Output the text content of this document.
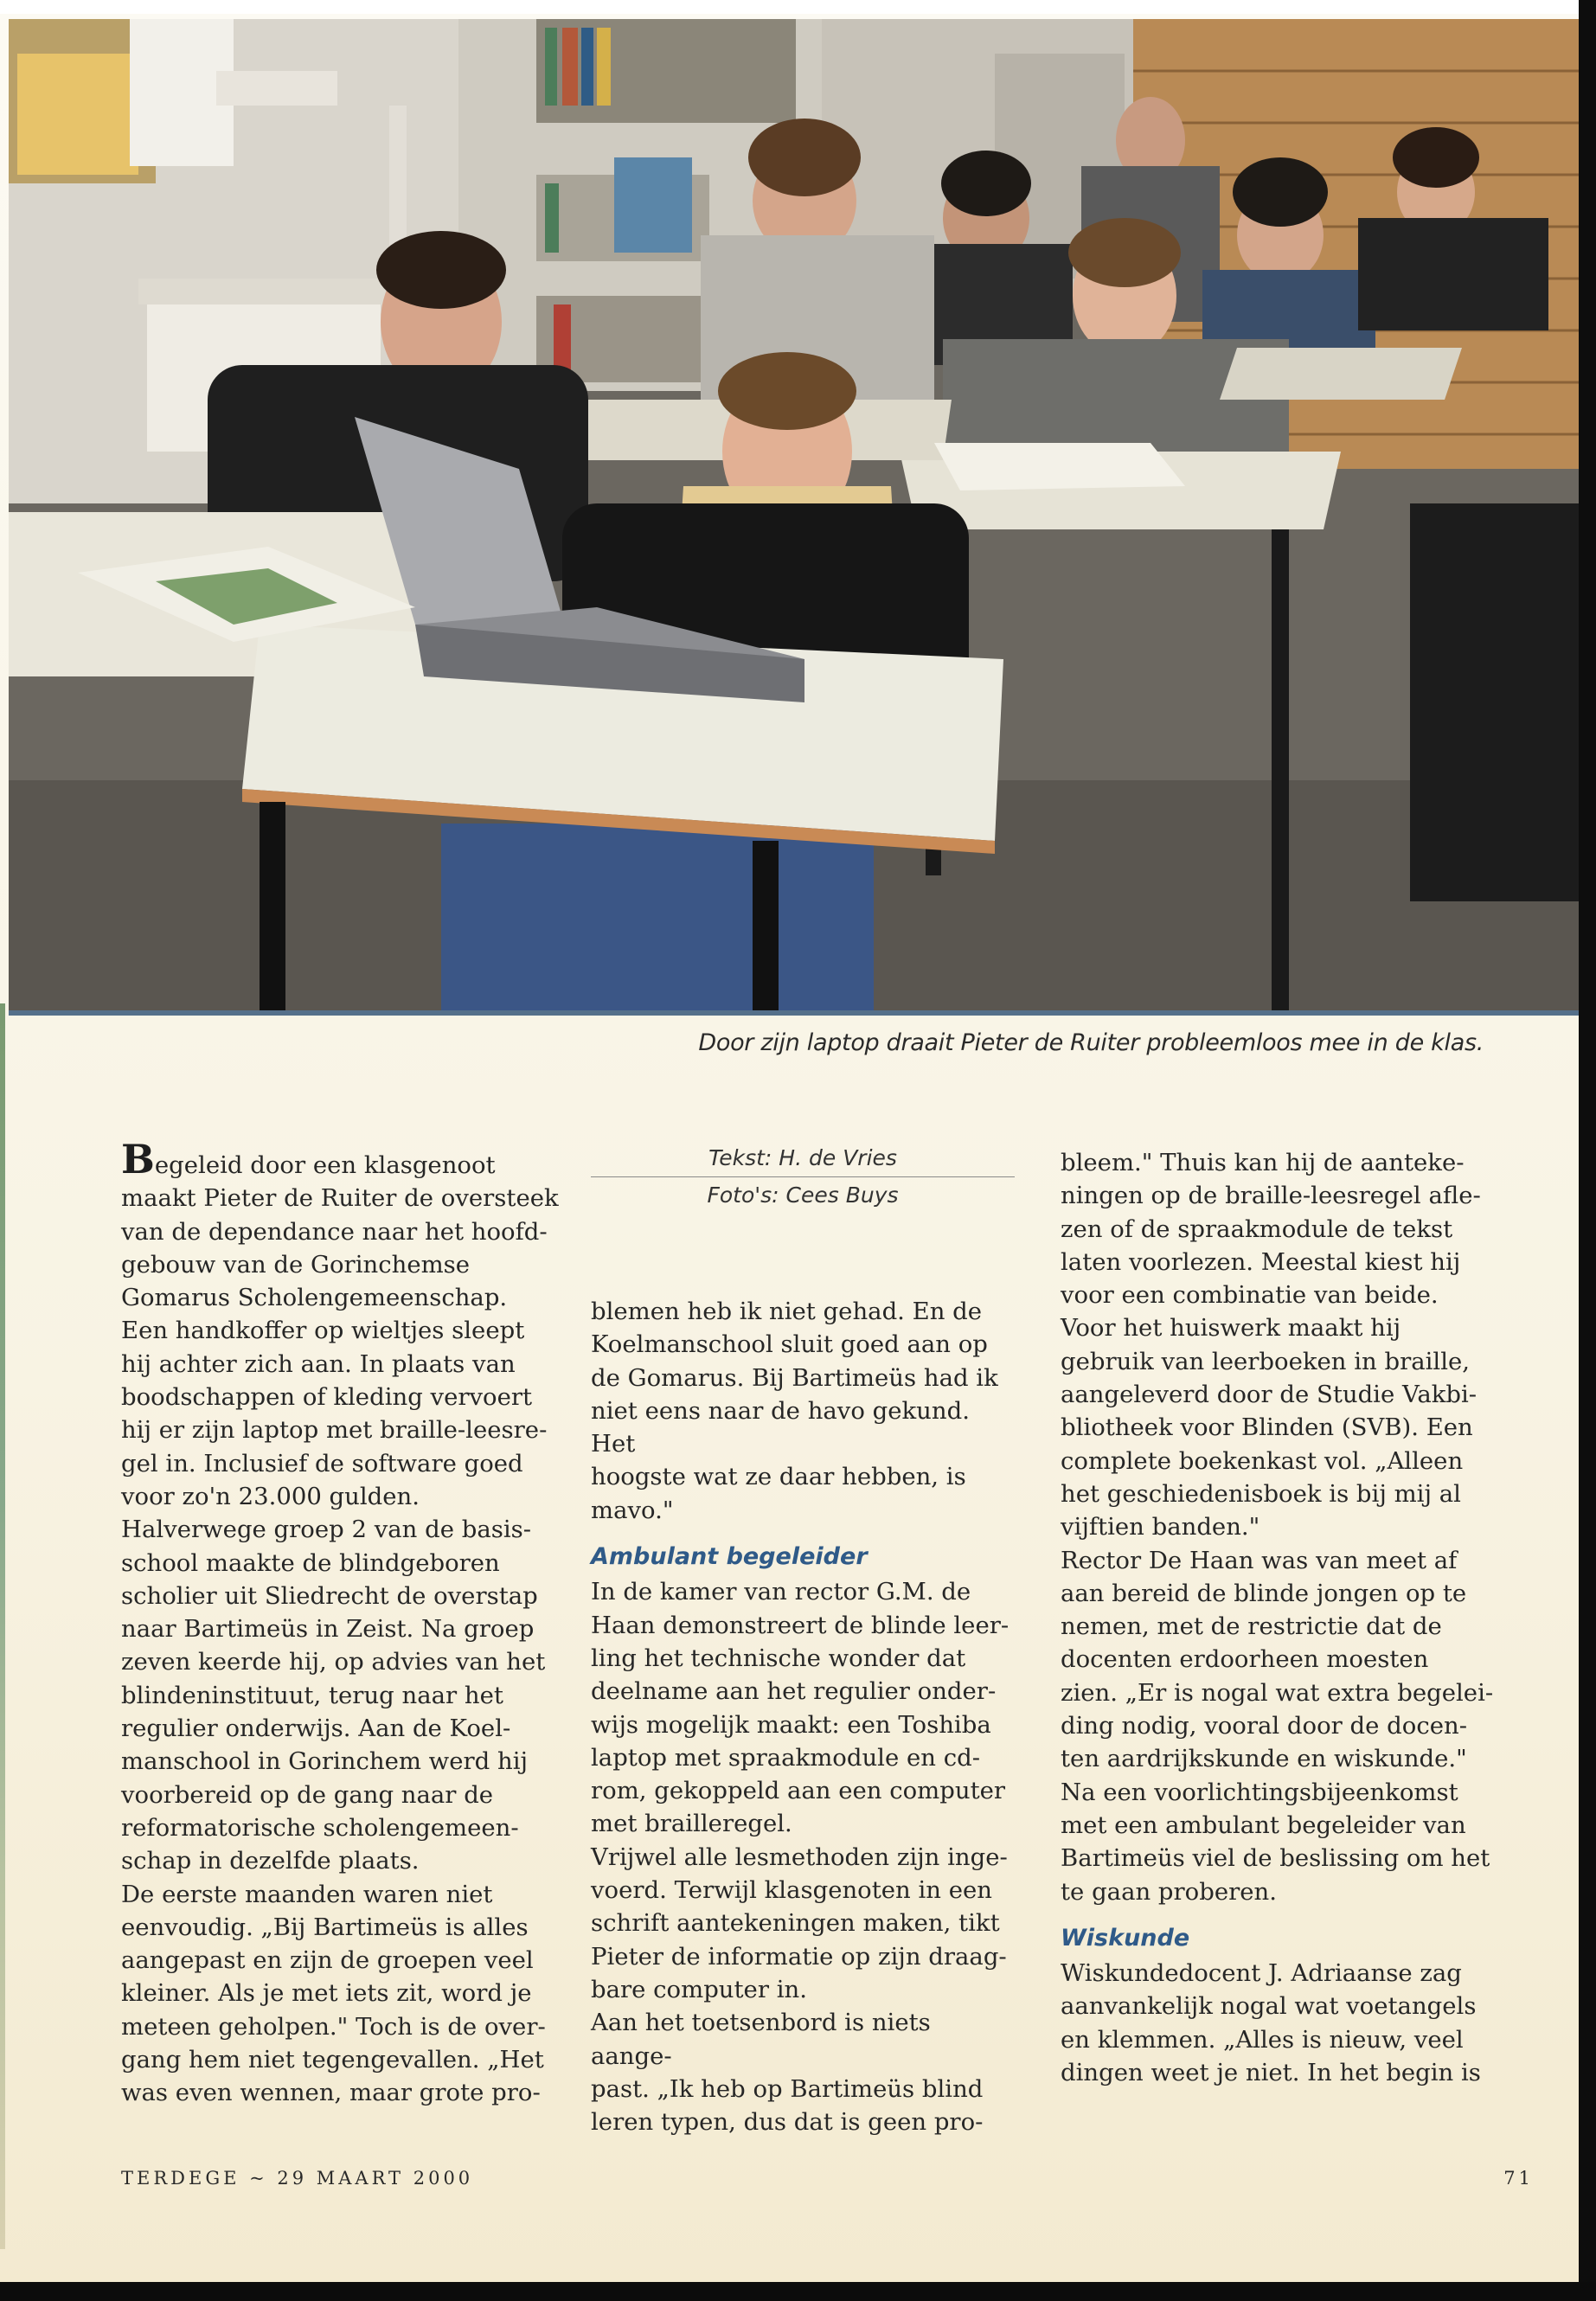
Door zijn laptop draait Pieter de Ruiter probleemloos mee in de klas.

Begeleid door een klasgenoot

maakt Pieter de Ruiter de oversteek

van de dependance naar het hoofd-

gebouw van de Gorinchemse

Gomarus Scholengemeenschap.

Een handkoffer op wieltjes sleept

hij achter zich aan. In plaats van

boodschappen of kleding vervoert

hij er zijn laptop met braille-leesre-

gel in. Inclusief de software goed

voor zo'n 23.000 gulden.

Halverwege groep 2 van de basis-

school maakte de blindgeboren

scholier uit Sliedrecht de overstap

naar Bartimeüs in Zeist. Na groep

zeven keerde hij, op advies van het

blindeninstituut, terug naar het

regulier onderwijs. Aan de Koel-

manschool in Gorinchem werd hij

voorbereid op de gang naar de

reformatorische scholengemeen-

schap in dezelfde plaats.

De eerste maanden waren niet

eenvoudig. „Bij Bartimeüs is alles

aangepast en zijn de groepen veel

kleiner. Als je met iets zit, word je

meteen geholpen." Toch is de over-

gang hem niet tegengevallen. „Het

was even wennen, maar grote pro-

Tekst: H. de Vries
Foto's: Cees Buys

blemen heb ik niet gehad. En de

Koelmanschool sluit goed aan op

de Gomarus. Bij Bartimeüs had ik

niet eens naar de havo gekund. Het

hoogste wat ze daar hebben, is

mavo."

Ambulant begeleider

In de kamer van rector G.M. de

Haan demonstreert de blinde leer-

ling het technische wonder dat

deelname aan het regulier onder-

wijs mogelijk maakt: een Toshiba

laptop met spraakmodule en cd-

rom, gekoppeld aan een computer

met brailleregel.

Vrijwel alle lesmethoden zijn inge-

voerd. Terwijl klasgenoten in een

schrift aantekeningen maken, tikt

Pieter de informatie op zijn draag-

bare computer in.

Aan het toetsenbord is niets aange-

past. „Ik heb op Bartimeüs blind

leren typen, dus dat is geen pro-

bleem." Thuis kan hij de aanteke-

ningen op de braille-leesregel afle-

zen of de spraakmodule de tekst

laten voorlezen. Meestal kiest hij

voor een combinatie van beide.

Voor het huiswerk maakt hij

gebruik van leerboeken in braille,

aangeleverd door de Studie Vakbi-

bliotheek voor Blinden (SVB). Een

complete boekenkast vol. „Alleen

het geschiedenisboek is bij mij al

vijftien banden."

Rector De Haan was van meet af

aan bereid de blinde jongen op te

nemen, met de restrictie dat de

docenten erdoorheen moesten

zien. „Er is nogal wat extra begelei-

ding nodig, vooral door de docen-

ten aardrijkskunde en wiskunde."

Na een voorlichtingsbijeenkomst

met een ambulant begeleider van

Bartimeüs viel de beslissing om het

te gaan proberen.

Wiskunde

Wiskundedocent J. Adriaanse zag

aanvankelijk nogal wat voetangels

en klemmen. „Alles is nieuw, veel

dingen weet je niet. In het begin is

TERDEGE ~ 29 MAART 2000	71
